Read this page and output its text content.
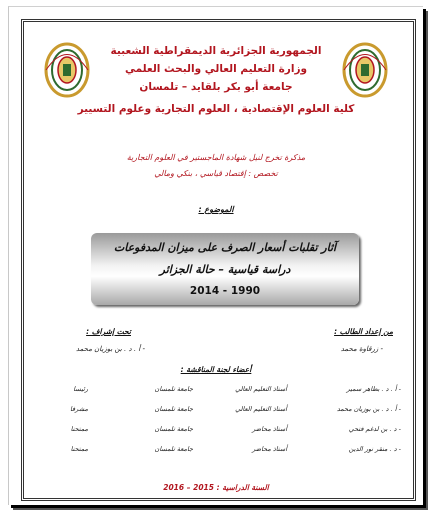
الجمهورية الجزائرية الديمقراطية الشعبية
وزارة التعليم العالي والبحث العلمي
جامعة أبو بكر بلقايد – تلمسان
كلية العلوم الإقتصادية ، العلوم التجارية وعلوم التسيير
مذكرة تخرج لنيل شهادة الماجستير في العلوم التجارية
تخصص : إقتصاد قياسي ، بنكي ومالي
الموضوع :
آثار تقلبات أسعار الصرف على ميزان المدفوعات
دراسة قياسية – حالة الجزائر
1990 - 2014
من إعداد الطالب :
تحت إشراف :
- زرقاوة محمد
- أ . د . بن بوزيان محمد
أعضاء لجنة المناقشة :
- أ . د . بطاهر سمير
أستاذ التعليم العالي
جامعة تلمسان
رئيسا
- أ . د . بن بوزيان محمد
أستاذ التعليم العالي
جامعة تلمسان
مشرفا
- د . بن لدغم فتحي
أستاذ محاضر
جامعة تلمسان
ممتحنا
- د . منقر نور الدين
أستاذ محاضر
جامعة تلمسان
ممتحنا
السنة الدراسية : 2015 – 2016
